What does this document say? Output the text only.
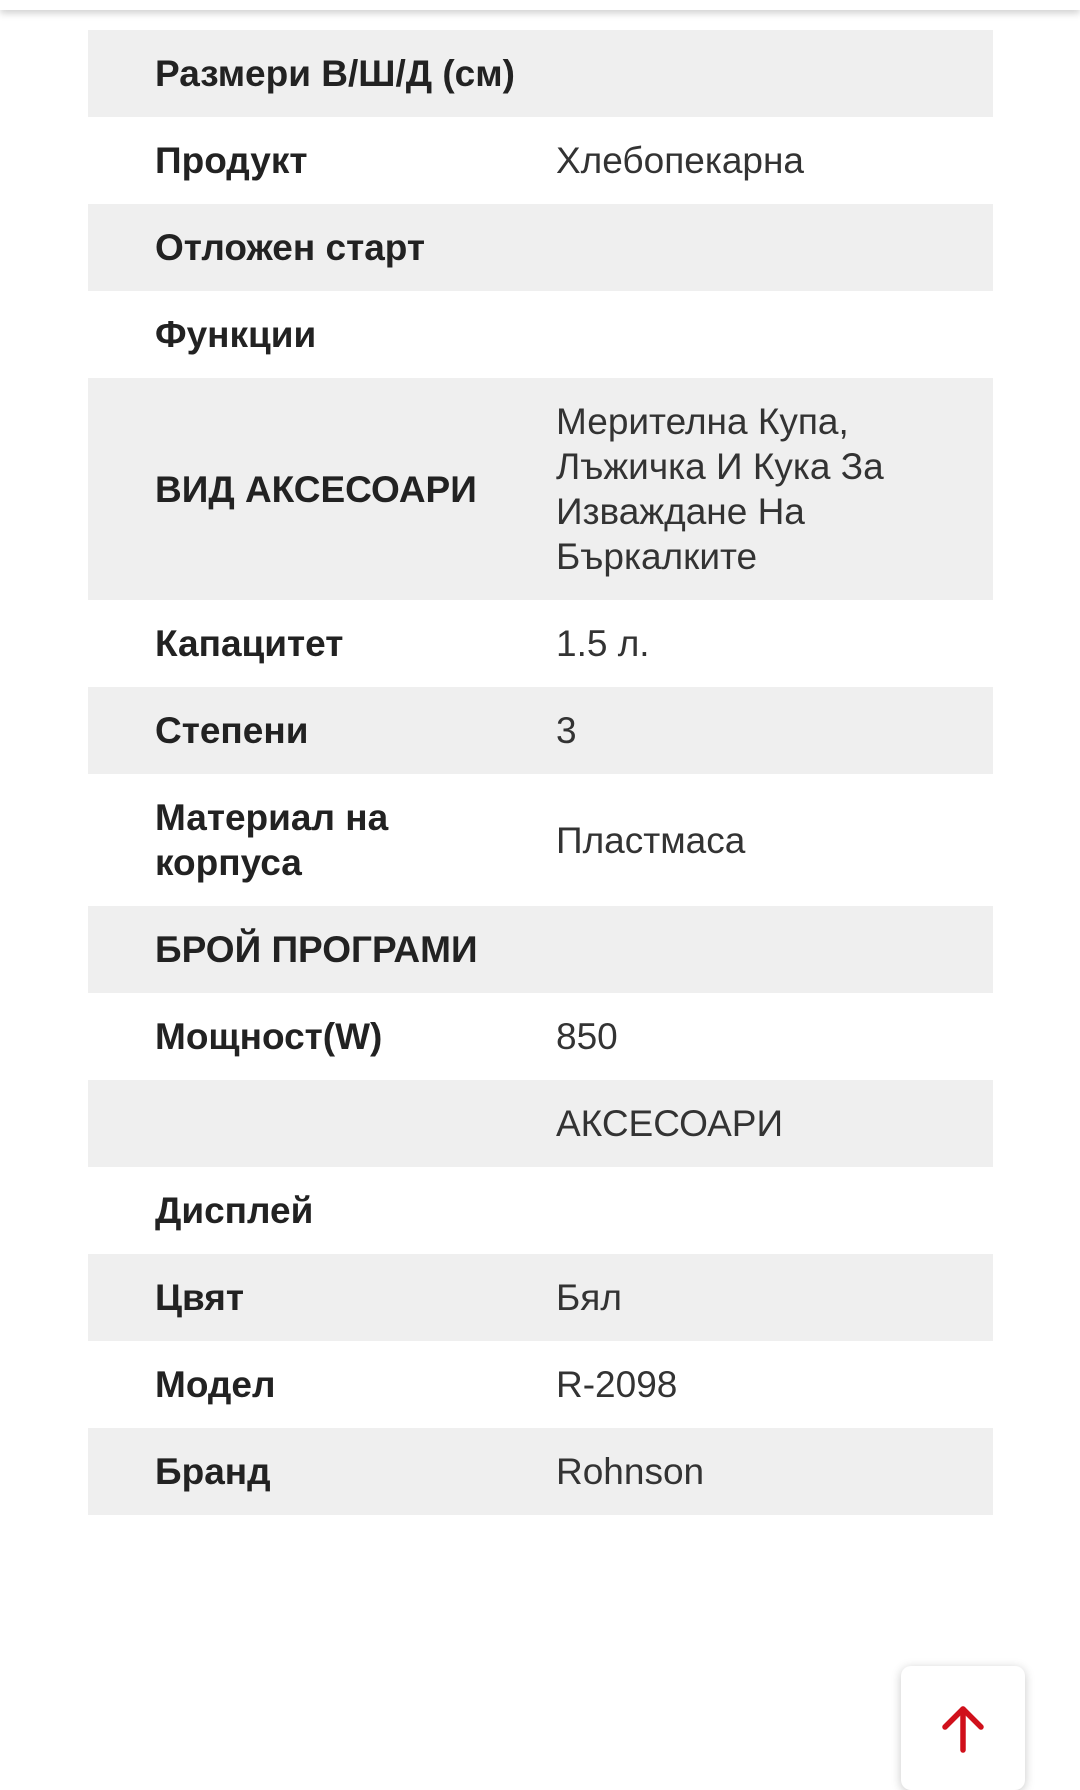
Размери В/Ш/Д (см)	
Продукт	Хлебопекарна
Отложен старт	
Функции	
ВИД АКСЕСОАРИ	Мерителна Купа, Лъжичка И Кука За Изваждане На Бъркалките
Капацитет	1.5 л.
Степени	3
Материал на корпуса	Пластмаса
БРОЙ ПРОГРАМИ	
Мощност(W)	850
	АКСЕСОАРИ
Дисплей	
Цвят	Бял
Модел	R-2098
Бранд	Rohnson
